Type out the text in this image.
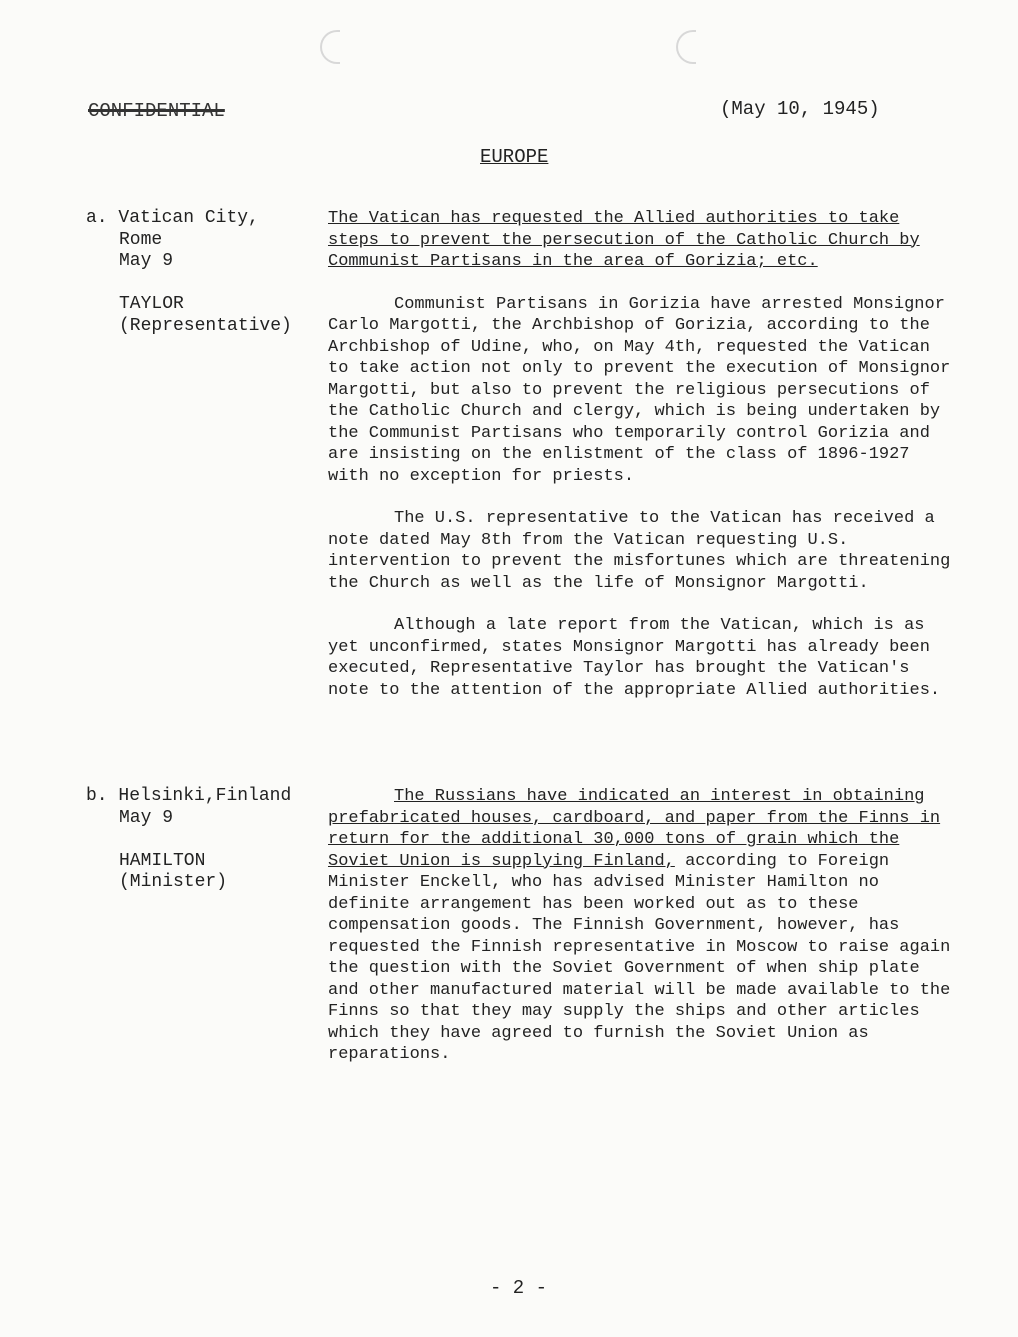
CONFIDENTIAL	(May 10, 1945)
EUROPE
a. Vatican City,
Rome
May 9

TAYLOR
(Representative)

The Vatican has requested the Allied authorities to take steps to prevent the persecution of the Catholic Church by Communist Partisans in the area of Gorizia; etc.

Communist Partisans in Gorizia have arrested Monsignor Carlo Margotti, the Archbishop of Gorizia, according to the Archbishop of Udine, who, on May 4th, requested the Vatican to take action not only to prevent the execution of Monsignor Margotti, but also to prevent the religious persecutions of the Catholic Church and clergy, which is being undertaken by the Communist Partisans who temporarily control Gorizia and are insisting on the enlistment of the class of 1896-1927 with no exception for priests.

The U.S. representative to the Vatican has received a note dated May 8th from the Vatican requesting U.S. intervention to prevent the misfortunes which are threatening the Church as well as the life of Monsignor Margotti.

Although a late report from the Vatican, which is as yet unconfirmed, states Monsignor Margotti has already been executed, Representative Taylor has brought the Vatican's note to the attention of the appropriate Allied authorities.

b. Helsinki,Finland
May 9

HAMILTON
(Minister)

The Russians have indicated an interest in obtaining prefabricated houses, cardboard, and paper from the Finns in return for the additional 30,000 tons of grain which the Soviet Union is supplying Finland, according to Foreign Minister Enckell, who has advised Minister Hamilton no definite arrangement has been worked out as to these compensation goods. The Finnish Government, however, has requested the Finnish representative in Moscow to raise again the question with the Soviet Government of when ship plate and other manufactured material will be made available to the Finns so that they may supply the ships and other articles which they have agreed to furnish the Soviet Union as reparations.

- 2 -
